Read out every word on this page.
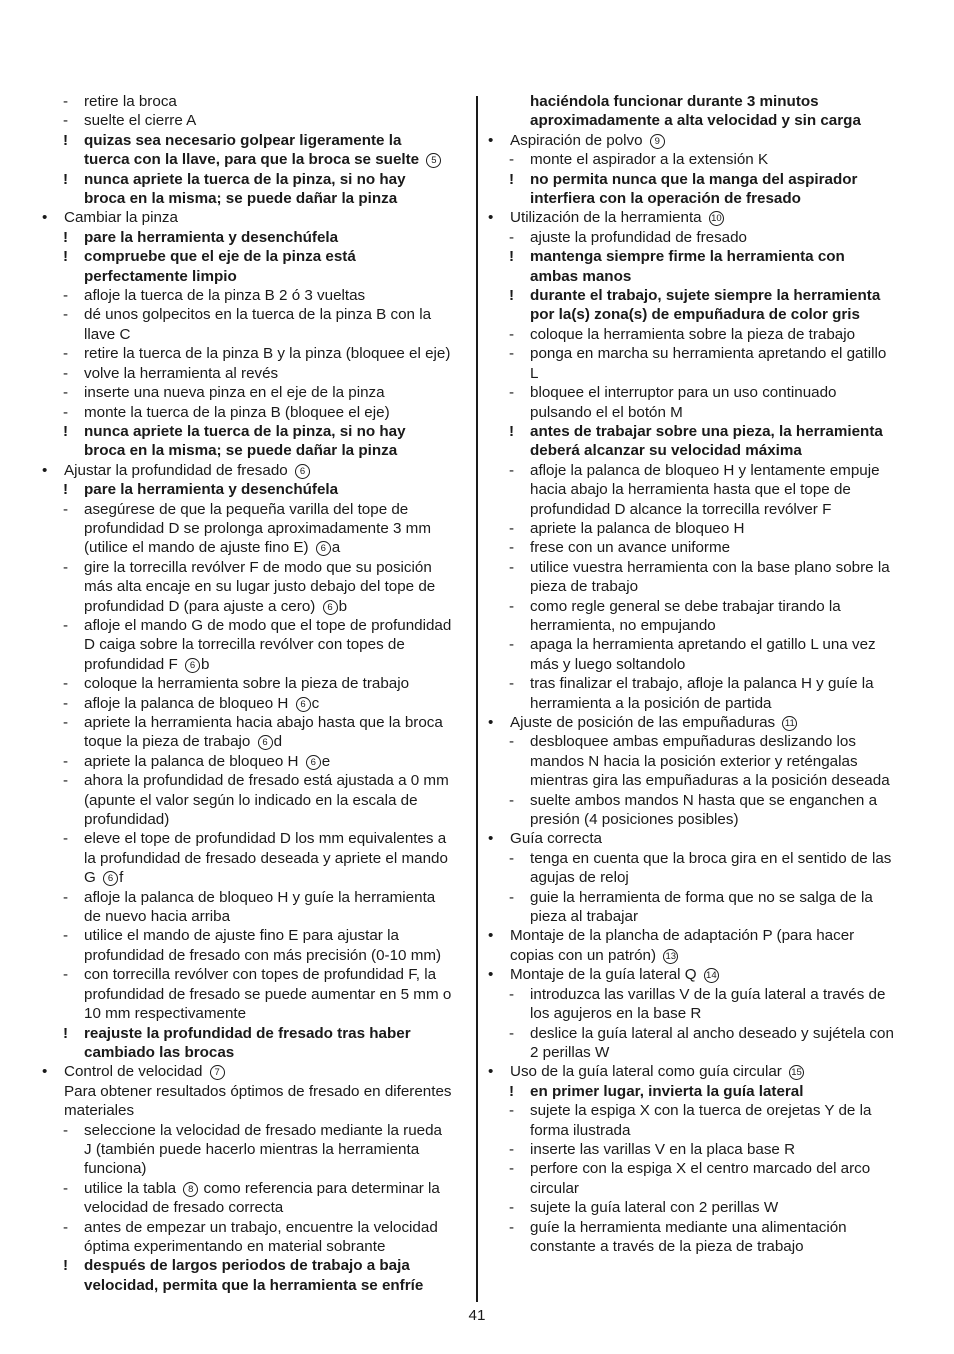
- retire la broca
- suelte el cierre A
! quizas sea necesario golpear ligeramente la
tuerca con la llave, para que la broca se suelte 5
! nunca apriete la tuerca de la pinza, si no hay
broca en la misma; se puede dañar la pinza
• Cambiar la pinza
! pare la herramienta y desenchúfela
! compruebe que el eje de la pinza está
perfectamente limpio
- afloje la tuerca de la pinza B 2 ó 3 vueltas
- dé unos golpecitos en la tuerca de la pinza B con la
llave C
- retire la tuerca de la pinza B y la pinza (bloquee el eje)
- volve la herramienta al revés
- inserte una nueva pinza en el eje de la pinza
- monte la tuerca de la pinza B (bloquee el eje)
! nunca apriete la tuerca de la pinza, si no hay
broca en la misma; se puede dañar la pinza
• Ajustar la profundidad de fresado 6
! pare la herramienta y desenchúfela
- asegúrese de que la pequeña varilla del tope de
profundidad D se prolonga aproximadamente 3 mm
(utilice el mando de ajuste fino E) 6 a
- gire la torrecilla revólver F de modo que su posición
más alta encaje en su lugar justo debajo del tope de
profundidad D (para ajuste a cero) 6 b
- afloje el mando G de modo que el tope de profundidad
D caiga sobre la torrecilla revólver con topes de
profundidad F 6 b
- coloque la herramienta sobre la pieza de trabajo
- afloje la palanca de bloqueo H 6 c
- apriete la herramienta hacia abajo hasta que la broca
toque la pieza de trabajo 6 d
- apriete la palanca de bloqueo H 6 e
- ahora la profundidad de fresado está ajustada a 0 mm
(apunte el valor según lo indicado en la escala de
profundidad)
- eleve el tope de profundidad D los mm equivalentes a
la profundidad de fresado deseada y apriete el mando
G 6 f
- afloje la palanca de bloqueo H y guíe la herramienta
de nuevo hacia arriba
- utilice el mando de ajuste fino E para ajustar la
profundidad de fresado con más precisión (0-10 mm)
- con torrecilla revólver con topes de profundidad F, la
profundidad de fresado se puede aumentar en 5 mm o
10 mm respectivamente
! reajuste la profundidad de fresado tras haber
cambiado las brocas
• Control de velocidad 7
Para obtener resultados óptimos de fresado en diferentes
materiales
- seleccione la velocidad de fresado mediante la rueda
J (también puede hacerlo mientras la herramienta
funciona)
- utilice la tabla 8 como referencia para determinar la
velocidad de fresado correcta
- antes de empezar un trabajo, encuentre la velocidad
óptima experimentando en material sobrante
! después de largos periodos de trabajo a baja
velocidad, permita que la herramienta se enfríe
haciéndola funcionar durante 3 minutos
aproximadamente a alta velocidad y sin carga
• Aspiración de polvo 9
- monte el aspirador a la extensión K
! no permita nunca que la manga del aspirador
interfiera con la operación de fresado
• Utilización de la herramienta 10
- ajuste la profundidad de fresado
! mantenga siempre firme la herramienta con
ambas manos
! durante el trabajo, sujete siempre la herramienta
por la(s) zona(s) de empuñadura de color gris
- coloque la herramienta sobre la pieza de trabajo
- ponga en marcha su herramienta apretando el gatillo
L
- bloquee el interruptor para un uso continuado
pulsando el el botón M
! antes de trabajar sobre una pieza, la herramienta
deberá alcanzar su velocidad máxima
- afloje la palanca de bloqueo H y lentamente empuje
hacia abajo la herramienta hasta que el tope de
profundidad D alcance la torrecilla revólver F
- apriete la palanca de bloqueo H
- frese con un avance uniforme
- utilice vuestra herramienta con la base plano sobre la
pieza de trabajo
- como regle general se debe trabajar tirando la
herramienta, no empujando
- apaga la herramienta apretando el gatillo L una vez
más y luego soltandolo
- tras finalizar el trabajo, afloje la palanca H y guíe la
herramienta a la posición de partida
• Ajuste de posición de las empuñaduras 11
- desbloquee ambas empuñaduras deslizando los
mandos N hacia la posición exterior y reténgalas
mientras gira las empuñaduras a la posición deseada
- suelte ambos mandos N hasta que se enganchen a
presión (4 posiciones posibles)
• Guía correcta
- tenga en cuenta que la broca gira en el sentido de las
agujas de reloj
- guie la herramienta de forma que no se salga de la
pieza al trabajar
• Montaje de la plancha de adaptación P (para hacer
copias con un patrón) 13
• Montaje de la guía lateral Q 14
- introduzca las varillas V de la guía lateral a través de
los agujeros en la base R
- deslice la guía lateral al ancho deseado y sujétela con
2 perillas W
• Uso de la guía lateral como guía circular 15
! en primer lugar, invierta la guía lateral
- sujete la espiga X con la tuerca de orejetas Y de la
forma ilustrada
- inserte las varillas V en la placa base R
- perfore con la espiga X el centro marcado del arco
circular
- sujete la guía lateral con 2 perillas W
- guíe la herramienta mediante una alimentación
constante a través de la pieza de trabajo
41
